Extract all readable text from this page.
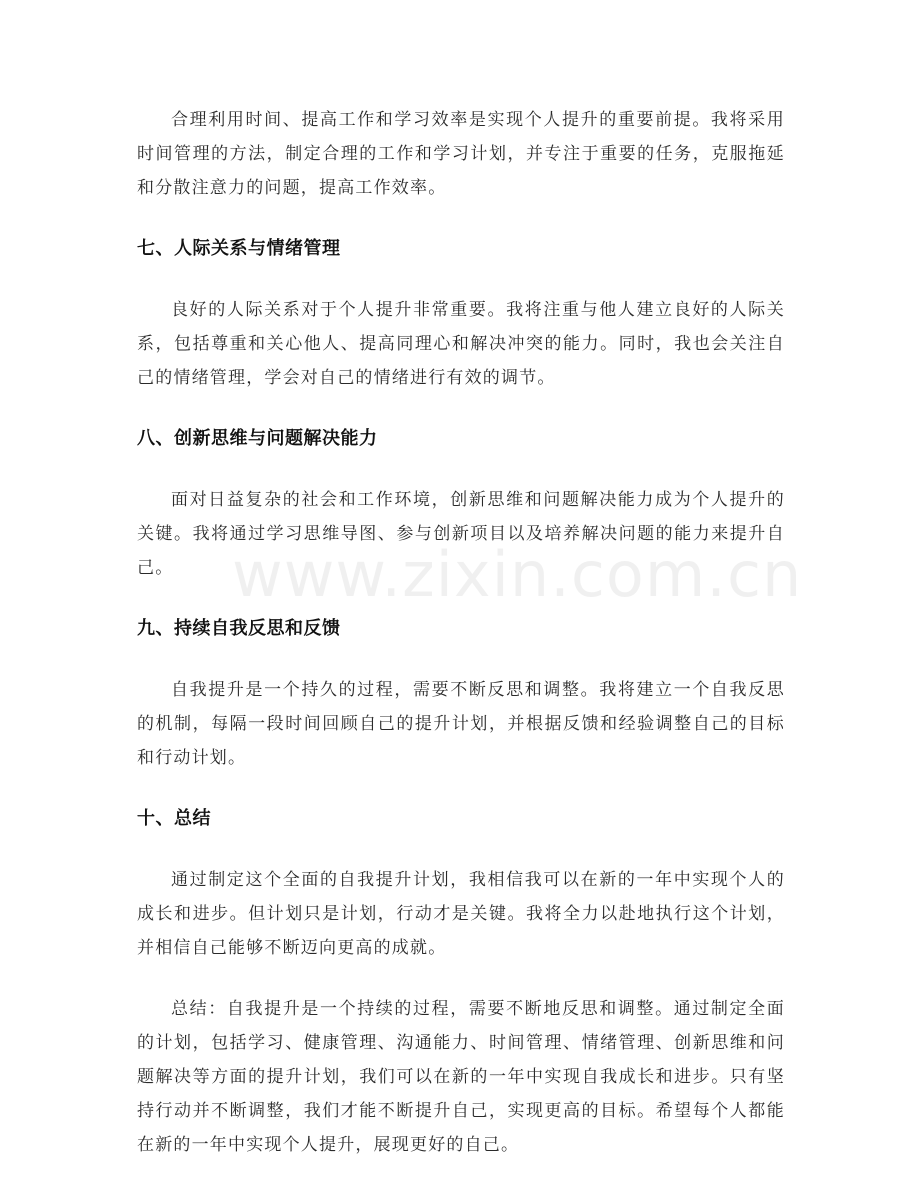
合理利用时间、提高工作和学习效率是实现个人提升的重要前提。我将采用时间管理的方法，制定合理的工作和学习计划，并专注于重要的任务，克服拖延和分散注意力的问题，提高工作效率。

七、人际关系与情绪管理

良好的人际关系对于个人提升非常重要。我将注重与他人建立良好的人际关系，包括尊重和关心他人、提高同理心和解决冲突的能力。同时，我也会关注自己的情绪管理，学会对自己的情绪进行有效的调节。

八、创新思维与问题解决能力

面对日益复杂的社会和工作环境，创新思维和问题解决能力成为个人提升的关键。我将通过学习思维导图、参与创新项目以及培养解决问题的能力来提升自己。

九、持续自我反思和反馈

自我提升是一个持久的过程，需要不断反思和调整。我将建立一个自我反思的机制，每隔一段时间回顾自己的提升计划，并根据反馈和经验调整自己的目标和行动计划。

十、总结

通过制定这个全面的自我提升计划，我相信我可以在新的一年中实现个人的成长和进步。但计划只是计划，行动才是关键。我将全力以赴地执行这个计划，并相信自己能够不断迈向更高的成就。

总结：自我提升是一个持续的过程，需要不断地反思和调整。通过制定全面的计划，包括学习、健康管理、沟通能力、时间管理、情绪管理、创新思维和问题解决等方面的提升计划，我们可以在新的一年中实现自我成长和进步。只有坚持行动并不断调整，我们才能不断提升自己，实现更高的目标。希望每个人都能在新的一年中实现个人提升，展现更好的自己。

www.zixin.com.cn
